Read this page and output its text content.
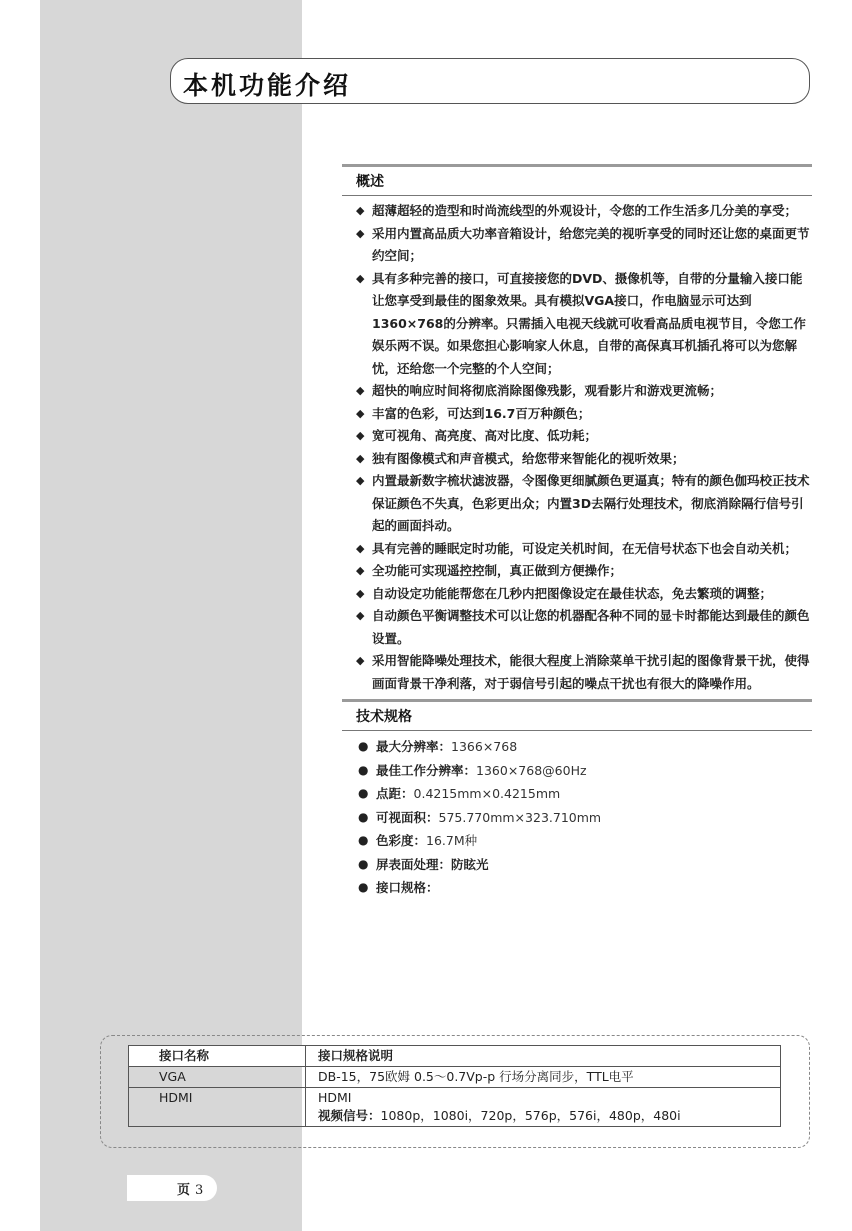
本机功能介绍
概述
◆ 超薄超轻的造型和时尚流线型的外观设计，令您的工作生活多几分美的享受；
◆ 采用内置高品质大功率音箱设计，给您完美的视听享受的同时还让您的桌面更节约空间；
◆ 具有多种完善的接口，可直接接您的DVD、摄像机等，自带的分量输入接口能让您享受到最佳的图象效果。具有模拟VGA接口，作电脑显示可达到1360×768的分辨率。只需插入电视天线就可收看高品质电视节目，令您工作娱乐两不误。如果您担心影响家人休息，自带的高保真耳机插孔将可以为您解忧，还给您一个完整的个人空间；
◆ 超快的响应时间将彻底消除图像残影，观看影片和游戏更流畅；
◆ 丰富的色彩，可达到16.7百万种颜色；
◆ 宽可视角、高亮度、高对比度、低功耗；
◆ 独有图像模式和声音模式，给您带来智能化的视听效果；
◆ 内置最新数字梳状滤波器，令图像更细腻颜色更逼真；特有的颜色伽玛校正技术保证颜色不失真，色彩更出众；内置3D去隔行处理技术，彻底消除隔行信号引起的画面抖动。
◆ 具有完善的睡眠定时功能，可设定关机时间，在无信号状态下也会自动关机；
◆ 全功能可实现遥控控制，真正做到方便操作；
◆ 自动设定功能能帮您在几秒内把图像设定在最佳状态，免去繁琐的调整；
◆ 自动颜色平衡调整技术可以让您的机器配各种不同的显卡时都能达到最佳的颜色设置。
◆ 采用智能降噪处理技术，能很大程度上消除菜单干扰引起的图像背景干扰，使得画面背景干净利落，对于弱信号引起的噪点干扰也有很大的降噪作用。
技术规格
● 最大分辨率：1366×768
● 最佳工作分辨率：1360×768@60Hz
● 点距：0.4215mm×0.4215mm
● 可视面积：575.770mm×323.710mm
● 色彩度：16.7M种
● 屏表面处理：防眩光
● 接口规格：
接口名称	接口规格说明
VGA	DB-15，75欧姆 0.5～0.7Vp-p 行场分离同步，TTL电平
HDMI	HDMI
视频信号：1080p，1080i，720p，576p，576i，480p，480i
页 3
